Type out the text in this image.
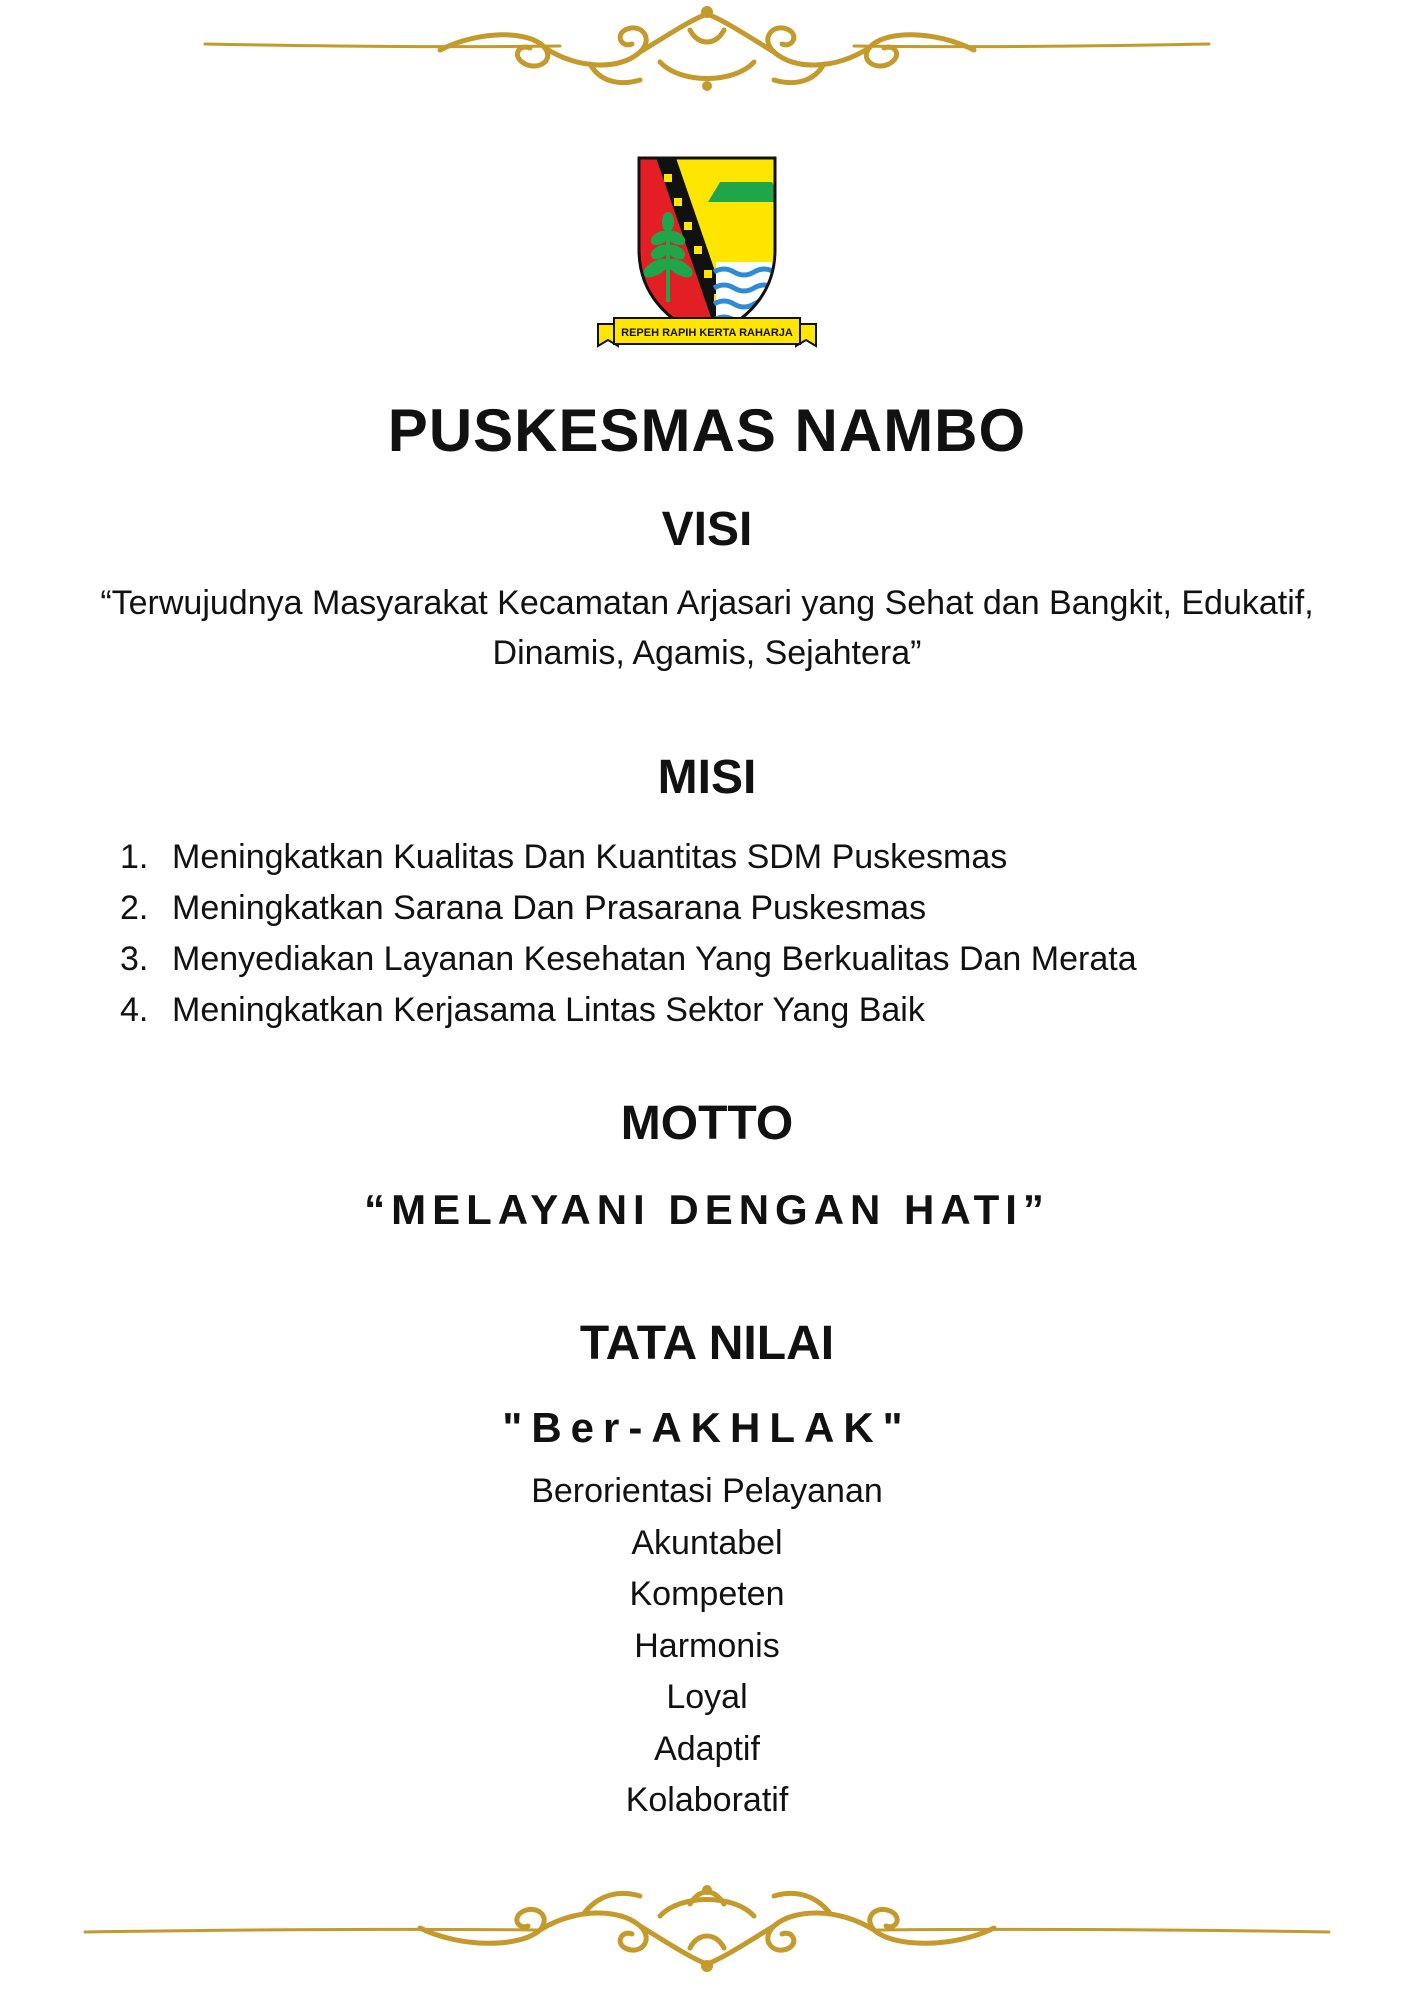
REPEH RAPIH KERTA RAHARJA
PUSKESMAS NAMBO
VISI

“Terwujudnya Masyarakat Kecamatan Arjasari yang Sehat dan Bangkit, Edukatif, Dinamis, Agamis, Sejahtera”

MISI
1. Meningkatkan Kualitas Dan Kuantitas SDM Puskesmas
2. Meningkatkan Sarana Dan Prasarana Puskesmas
3. Menyediakan Layanan Kesehatan Yang Berkualitas Dan Merata
4. Meningkatkan Kerjasama Lintas Sektor Yang Baik
MOTTO

“MELAYANI DENGAN HATI”

TATA NILAI

"Ber-AKHLAK"

Berorientasi Pelayanan
Akuntabel
Kompeten
Harmonis
Loyal
Adaptif
Kolaboratif
